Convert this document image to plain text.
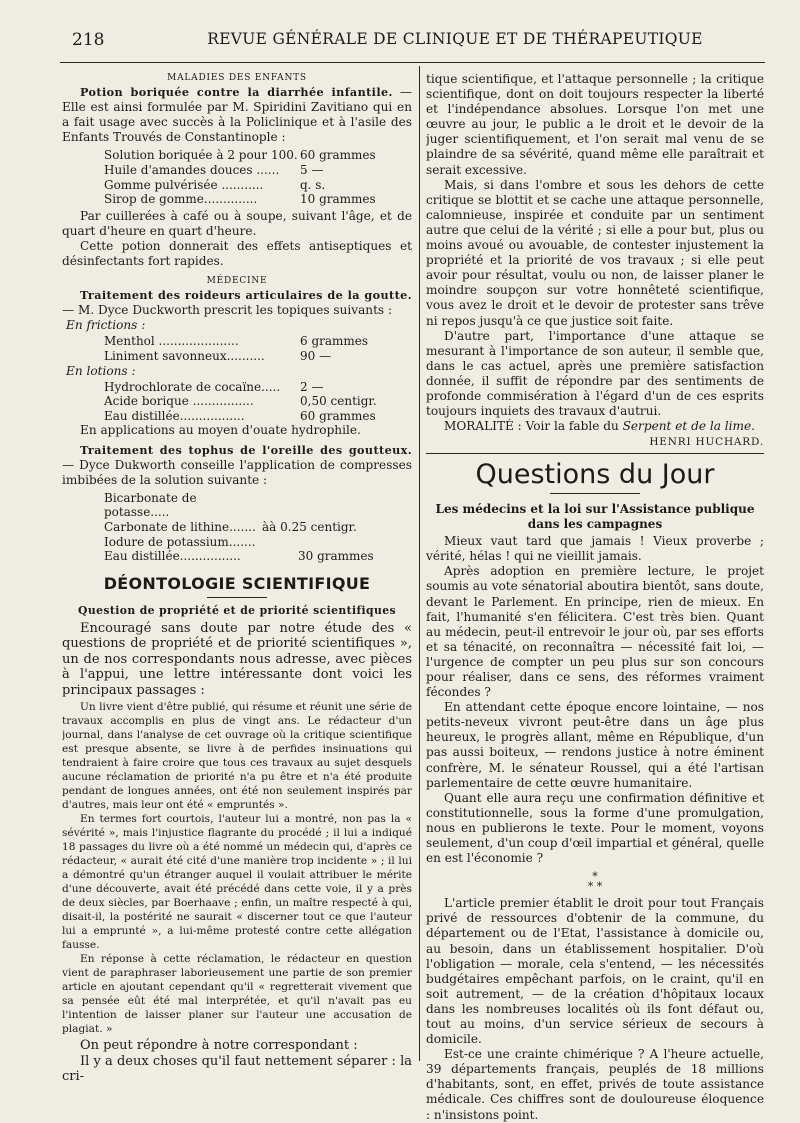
218	REVUE GÉNÉRALE DE CLINIQUE ET DE THÉRAPEUTIQUE
MALADIES DES ENFANTS

Potion boriquée contre la diarrhée infantile. — Elle est ainsi formulée par M. Spiridini Zavitiano qui en a fait usage avec succès à la Policlinique et à l'asile des Enfants Trouvés de Constantinople :

Solution boriquée à 2 pour 100. 60 grammes
Huile d'amandes douces ......	5 —
Gomme pulvérisée ...........	q. s.
Sirop de gomme..............	10 grammes

Par cuillerées à café ou à soupe, suivant l'âge, et de quart d'heure en quart d'heure.

Cette potion donnerait des effets antiseptiques et désinfectants fort rapides.

MÉDECINE

Traitement des roideurs articulaires de la goutte. — M. Dyce Duckworth prescrit les topiques suivants :

En frictions :

Menthol .....................	6 grammes
Liniment savonneux..........	90 —

En lotions :

Hydrochlorate de cocaïne.....	2 —
Acide borique ................	0,50 centigr.
Eau distillée.................	60 grammes

En applications au moyen d'ouate hydrophile.

Traitement des tophus de l'oreille des goutteux. — Dyce Dukworth conseille l'application de compresses imbibées de la solution suivante :

Bicarbonate de potasse.....
Carbonate de lithine....... àà 0.25 centigr.
Iodure de potassium.......
Eau distillée................	30 grammes
DÉONTOLOGIE SCIENTIFIQUE
Question de propriété et de priorité scientifiques

Encouragé sans doute par notre étude des « questions de propriété et de priorité scientifiques », un de nos correspondants nous adresse, avec pièces à l'appui, une lettre intéressante dont voici les principaux passages :

Un livre vient d'être publié, qui résume et réunit une série de travaux accomplis en plus de vingt ans. Le rédacteur d'un journal, dans l'analyse de cet ouvrage où la critique scientifique est presque absente, se livre à de perfides insinuations qui tendraient à faire croire que tous ces travaux au sujet desquels aucune réclamation de priorité n'a pu être et n'a été produite pendant de longues années, ont été non seulement inspirés par d'autres, mais leur ont été « empruntés ».

En termes fort courtois, l'auteur lui a montré, non pas la « sévérité », mais l'injustice flagrante du procédé ; il lui a indiqué 18 passages du livre où a été nommé un médecin qui, d'après ce rédacteur, « aurait été cité d'une manière trop incidente » ; il lui a démontré qu'un étranger auquel il voulait attribuer le mérite d'une découverte, avait été précédé dans cette voie, il y a près de deux siècles, par Boerhaave ; enfin, un maître respecté à qui, disait-il, la postérité ne saurait « discerner tout ce que l'auteur lui a emprunté », a lui-même protesté contre cette allégation fausse.

En réponse à cette réclamation, le rédacteur en question vient de paraphraser laborieusement une partie de son premier article en ajoutant cependant qu'il « regretterait vivement que sa pensée eût été mal interprétée, et qu'il n'avait pas eu l'intention de laisser planer sur l'auteur une accusation de plagiat. »

On peut répondre à notre correspondant :

Il y a deux choses qu'il faut nettement séparer : la cri-

tique scientifique, et l'attaque personnelle ; la critique scientifique, dont on doit toujours respecter la liberté et l'indépendance absolues. Lorsque l'on met une œuvre au jour, le public a le droit et le devoir de la juger scientifiquement, et l'on serait mal venu de se plaindre de sa sévérité, quand même elle paraîtrait et serait excessive.

Mais, si dans l'ombre et sous les dehors de cette critique se blottit et se cache une attaque personnelle, calomnieuse, inspirée et conduite par un sentiment autre que celui de la vérité ; si elle a pour but, plus ou moins avoué ou avouable, de contester injustement la propriété et la priorité de vos travaux ; si elle peut avoir pour résultat, voulu ou non, de laisser planer le moindre soupçon sur votre honnêteté scientifique, vous avez le droit et le devoir de protester sans trêve ni repos jusqu'à ce que justice soit faite.

D'autre part, l'importance d'une attaque se mesurant à l'importance de son auteur, il semble que, dans le cas actuel, après une première satisfaction donnée, il suffit de répondre par des sentiments de profonde commisération à l'égard d'un de ces esprits toujours inquiets des travaux d'autrui.

MORALITÉ : Voir la fable du Serpent et de la lime.

HENRI HUCHARD.
Questions du Jour
Les médecins et la loi sur l'Assistance publique dans les campagnes

Mieux vaut tard que jamais ! Vieux proverbe ; vérité, hélas ! qui ne vieillit jamais.

Après adoption en première lecture, le projet soumis au vote sénatorial aboutira bientôt, sans doute, devant le Parlement. En principe, rien de mieux. En fait, l'humanité s'en félicitera. C'est très bien. Quant au médecin, peut-il entrevoir le jour où, par ses efforts et sa ténacité, on reconnaîtra — nécessité fait loi, — l'urgence de compter un peu plus sur son concours pour réaliser, dans ce sens, des réformes vraiment fécondes ?

En attendant cette époque encore lointaine, — nos petits-neveux vivront peut-être dans un âge plus heureux, le progrès allant, même en République, d'un pas aussi boiteux, — rendons justice à notre éminent confrère, M. le sénateur Roussel, qui a été l'artisan parlementaire de cette œuvre humanitaire.

Quant elle aura reçu une confirmation définitive et constitutionnelle, sous la forme d'une promulgation, nous en publierons le texte. Pour le moment, voyons seulement, d'un coup d'œil impartial et général, quelle en est l'économie ?

*
* *

L'article premier établit le droit pour tout Français privé de ressources d'obtenir de la commune, du département ou de l'Etat, l'assistance à domicile ou, au besoin, dans un établissement hospitalier. D'où l'obligation — morale, cela s'entend, — les nécessités budgétaires empêchant parfois, on le craint, qu'il en soit autrement, — de la création d'hôpitaux locaux dans les nombreuses localités où ils font défaut ou, tout au moins, d'un service sérieux de secours à domicile.

Est-ce une crainte chimérique ? A l'heure actuelle, 39 départements français, peuplés de 18 millions d'habitants, sont, en effet, privés de toute assistance médicale. Ces chiffres sont de douloureuse éloquence : n'insistons point.
